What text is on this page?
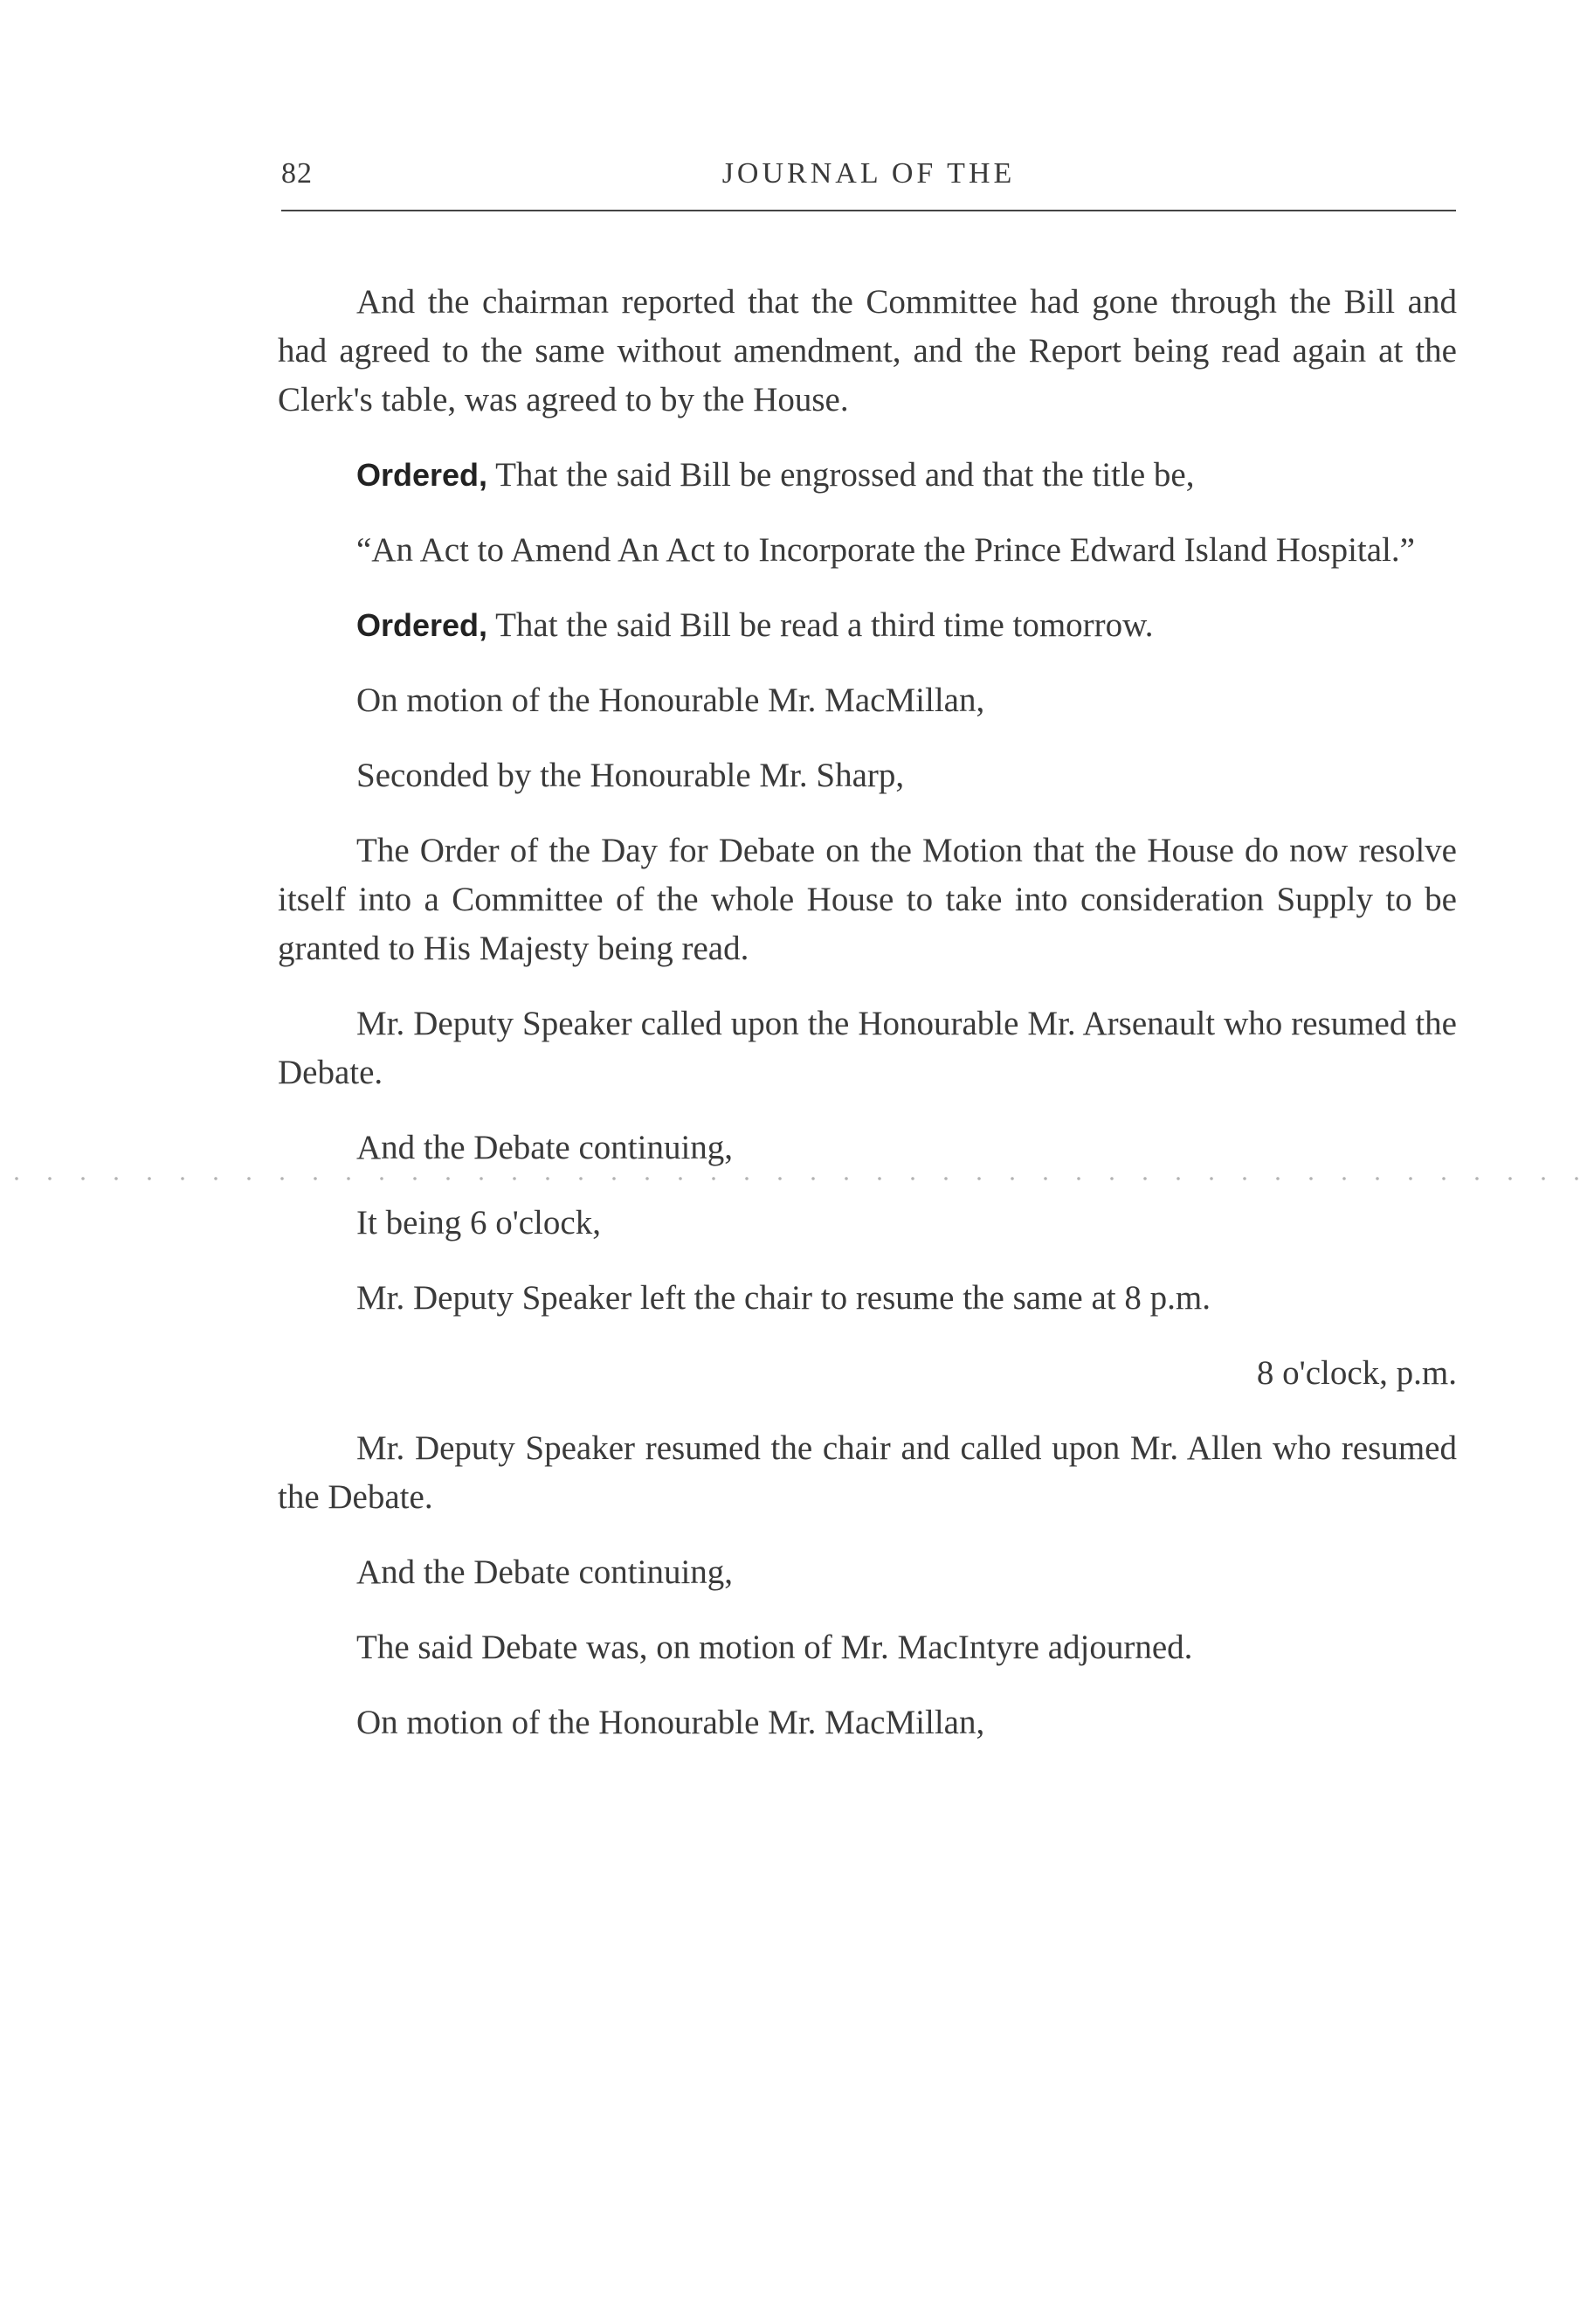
82	JOURNAL OF THE

And the chairman reported that the Committee had gone through the Bill and had agreed to the same without amendment, and the Report being read again at the Clerk's table, was agreed to by the House.

Ordered, That the said Bill be engrossed and that the title be,

“An Act to Amend An Act to Incorporate the Prince Edward Island Hospital.”

Ordered, That the said Bill be read a third time tomorrow.

On motion of the Honourable Mr. MacMillan,

Seconded by the Honourable Mr. Sharp,

The Order of the Day for Debate on the Motion that the House do now resolve itself into a Committee of the whole House to take into consideration Supply to be granted to His Majesty being read.

Mr. Deputy Speaker called upon the Honourable Mr. Arsenault who resumed the Debate.

And the Debate continuing,

It being 6 o'clock,

Mr. Deputy Speaker left the chair to resume the same at 8 p.m.

8 o'clock, p.m.

Mr. Deputy Speaker resumed the chair and called upon Mr. Allen who resumed the Debate.

And the Debate continuing,

The said Debate was, on motion of Mr. MacIntyre adjourned.

On motion of the Honourable Mr. MacMillan,
